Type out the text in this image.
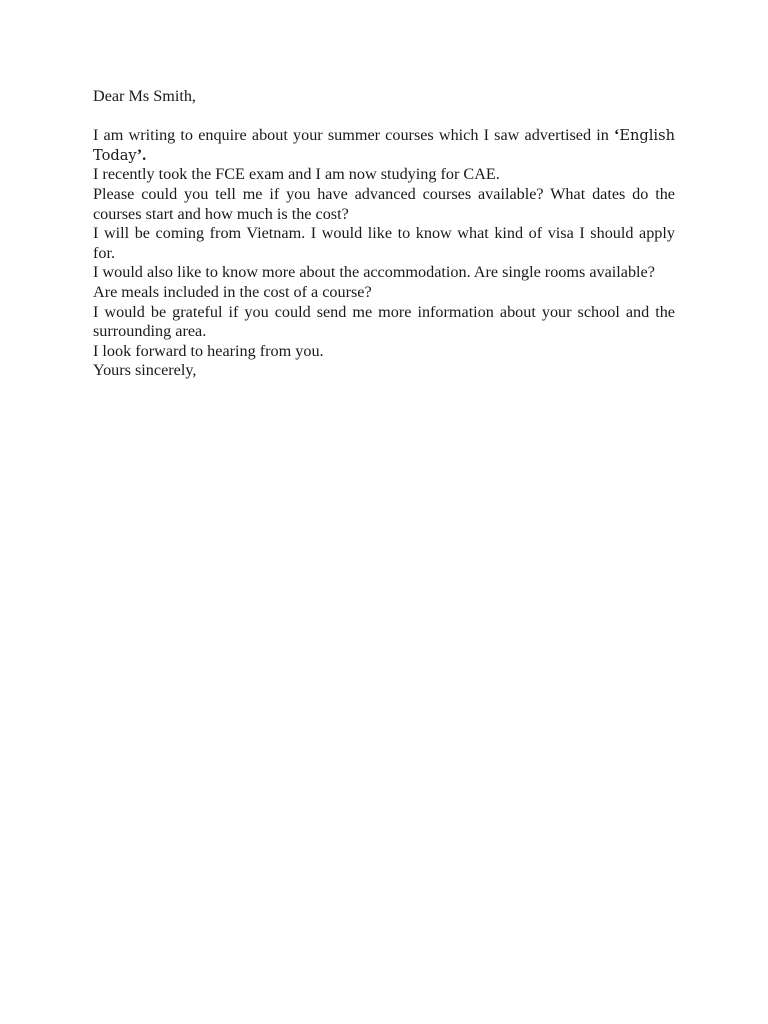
Dear Ms Smith,

I am writing to enquire about your summer courses which I saw advertised in ‘English Today’.

I recently took the FCE exam and I am now studying for CAE.

Please could you tell me if you have advanced courses available? What dates do the courses start and how much is the cost?

I will be coming from Vietnam. I would like to know what kind of visa I should apply for.

I would also like to know more about the accommodation. Are single rooms available?

Are meals included in the cost of a course?

I would be grateful if you could send me more information about your school and the surrounding area.

I look forward to hearing from you.

Yours sincerely,
